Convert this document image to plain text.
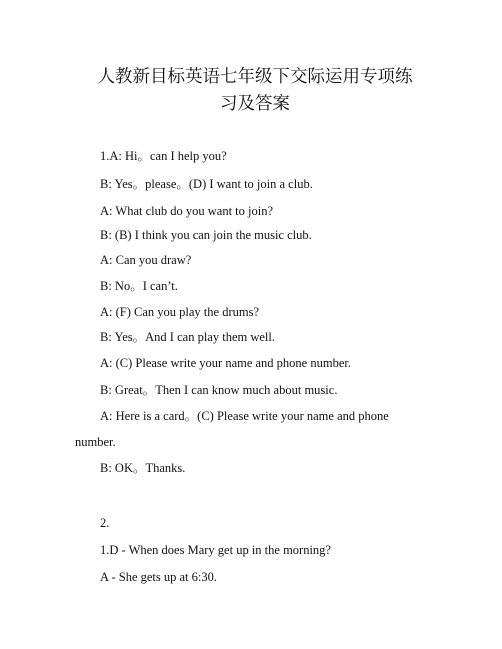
人教新目标英语七年级下交际运用专项练
习及答案
1.A: Hi。can I help you?
B: Yes。please。(D) I want to join a club.
A: What club do you want to join?
B: (B) I think you can join the music club.
A: Can you draw?
B: No。I can’t.
A: (F) Can you play the drums?
B: Yes。And I can play them well.
A: (C) Please write your name and phone number.
B: Great。Then I can know much about music.
A: Here is a card。(C) Please write your name and phone
number.
B: OK。Thanks.
2.
1.D - When does Mary get up in the morning?
A - She gets up at 6:30.
